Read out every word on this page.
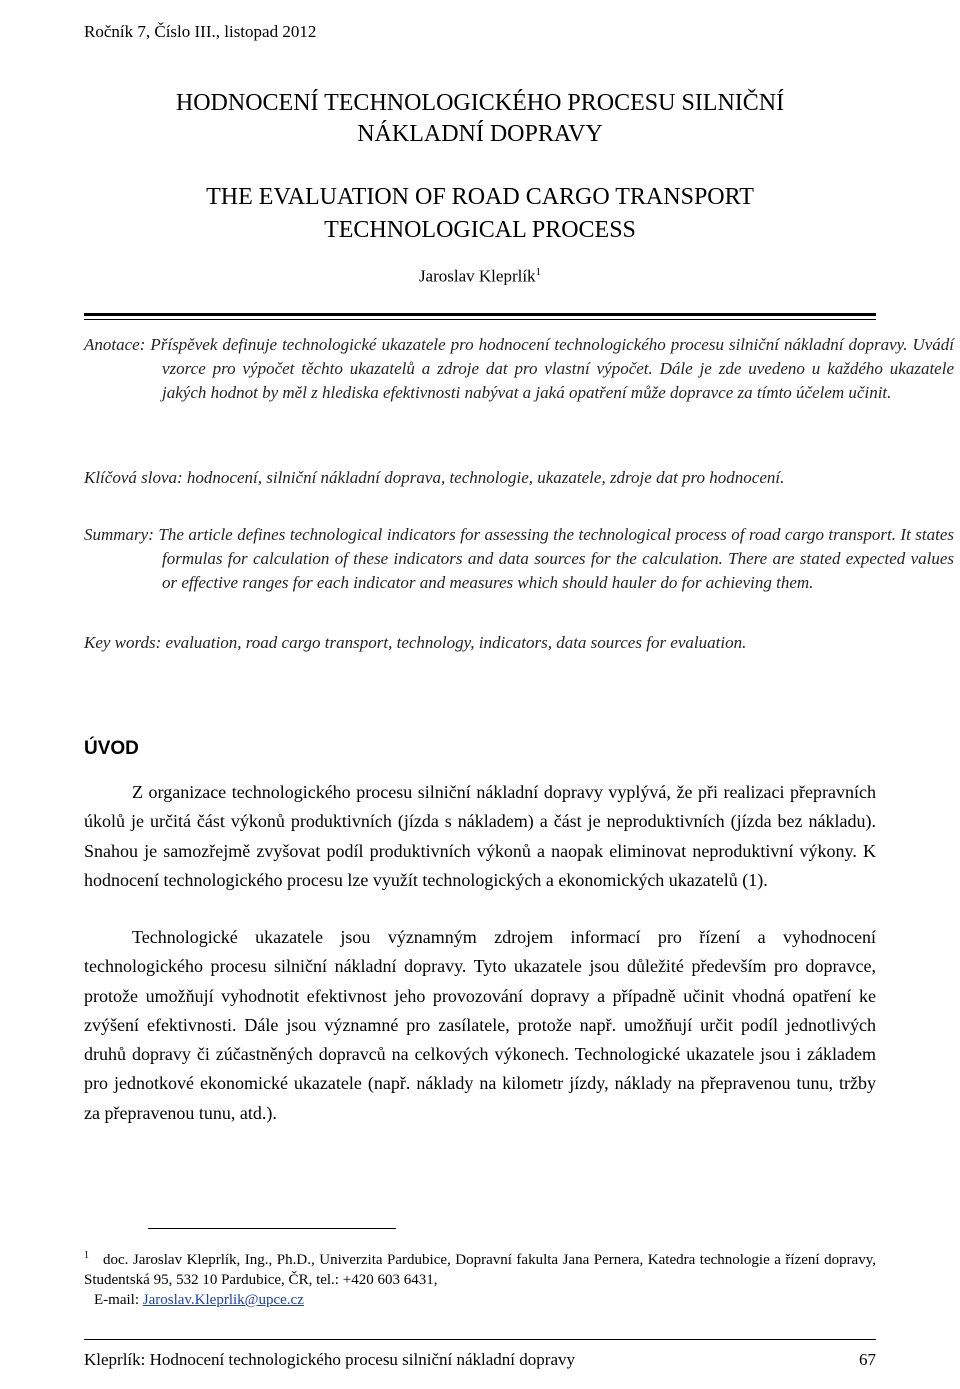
Ročník 7, Číslo III., listopad 2012
HODNOCENÍ TECHNOLOGICKÉHO PROCESU SILNIČNÍ
NÁKLADNÍ DOPRAVY
THE EVALUATION OF ROAD CARGO TRANSPORT
TECHNOLOGICAL PROCESS
Jaroslav Kleprlík$^1$
Anotace: Příspěvek definuje technologické ukazatele pro hodnocení technologického procesu silniční nákladní dopravy. Uvádí vzorce pro výpočet těchto ukazatelů a zdroje dat pro vlastní výpočet. Dále je zde uvedeno u každého ukazatele jakých hodnot by měl z hlediska efektivnosti nabývat a jaká opatření může dopravce za tímto účelem učinit.
Klíčová slova: hodnocení, silniční nákladní doprava, technologie, ukazatele, zdroje dat pro hodnocení.
Summary: The article defines technological indicators for assessing the technological process of road cargo transport. It states formulas for calculation of these indicators and data sources for the calculation. There are stated expected values or effective ranges for each indicator and measures which should hauler do for achieving them.
Key words: evaluation, road cargo transport, technology, indicators, data sources for evaluation.
ÚVOD
Z organizace technologického procesu silniční nákladní dopravy vyplývá, že při realizaci přepravních úkolů je určitá část výkonů produktivních (jízda s nákladem) a část je neproduktivních (jízda bez nákladu). Snahou je samozřejmě zvyšovat podíl produktivních výkonů a naopak eliminovat neproduktivní výkony. K hodnocení technologického procesu lze využít technologických a ekonomických ukazatelů (1).
Technologické ukazatele jsou významným zdrojem informací pro řízení a vyhodnocení technologického procesu silniční nákladní dopravy. Tyto ukazatele jsou důležité především pro dopravce, protože umožňují vyhodnotit efektivnost jeho provozování dopravy a případně učinit vhodná opatření ke zvýšení efektivnosti. Dále jsou významné pro zasílatele, protože např. umožňují určit podíl jednotlivých druhů dopravy či zúčastněných dopravců na celkových výkonech. Technologické ukazatele jsou i základem pro jednotkové ekonomické ukazatele (např. náklady na kilometr jízdy, náklady na přepravenou tunu, tržby za přepravenou tunu, atd.).
$^1$ doc. Jaroslav Kleprlík, Ing., Ph.D., Univerzita Pardubice, Dopravní fakulta Jana Pernera, Katedra technologie a řízení dopravy, Studentská 95, 532 10 Pardubice, ČR, tel.: +420 603 6431,
E-mail: Jaroslav.Kleprlik@upce.cz
Kleprlík: Hodnocení technologického procesu silniční nákladní dopravy	67
